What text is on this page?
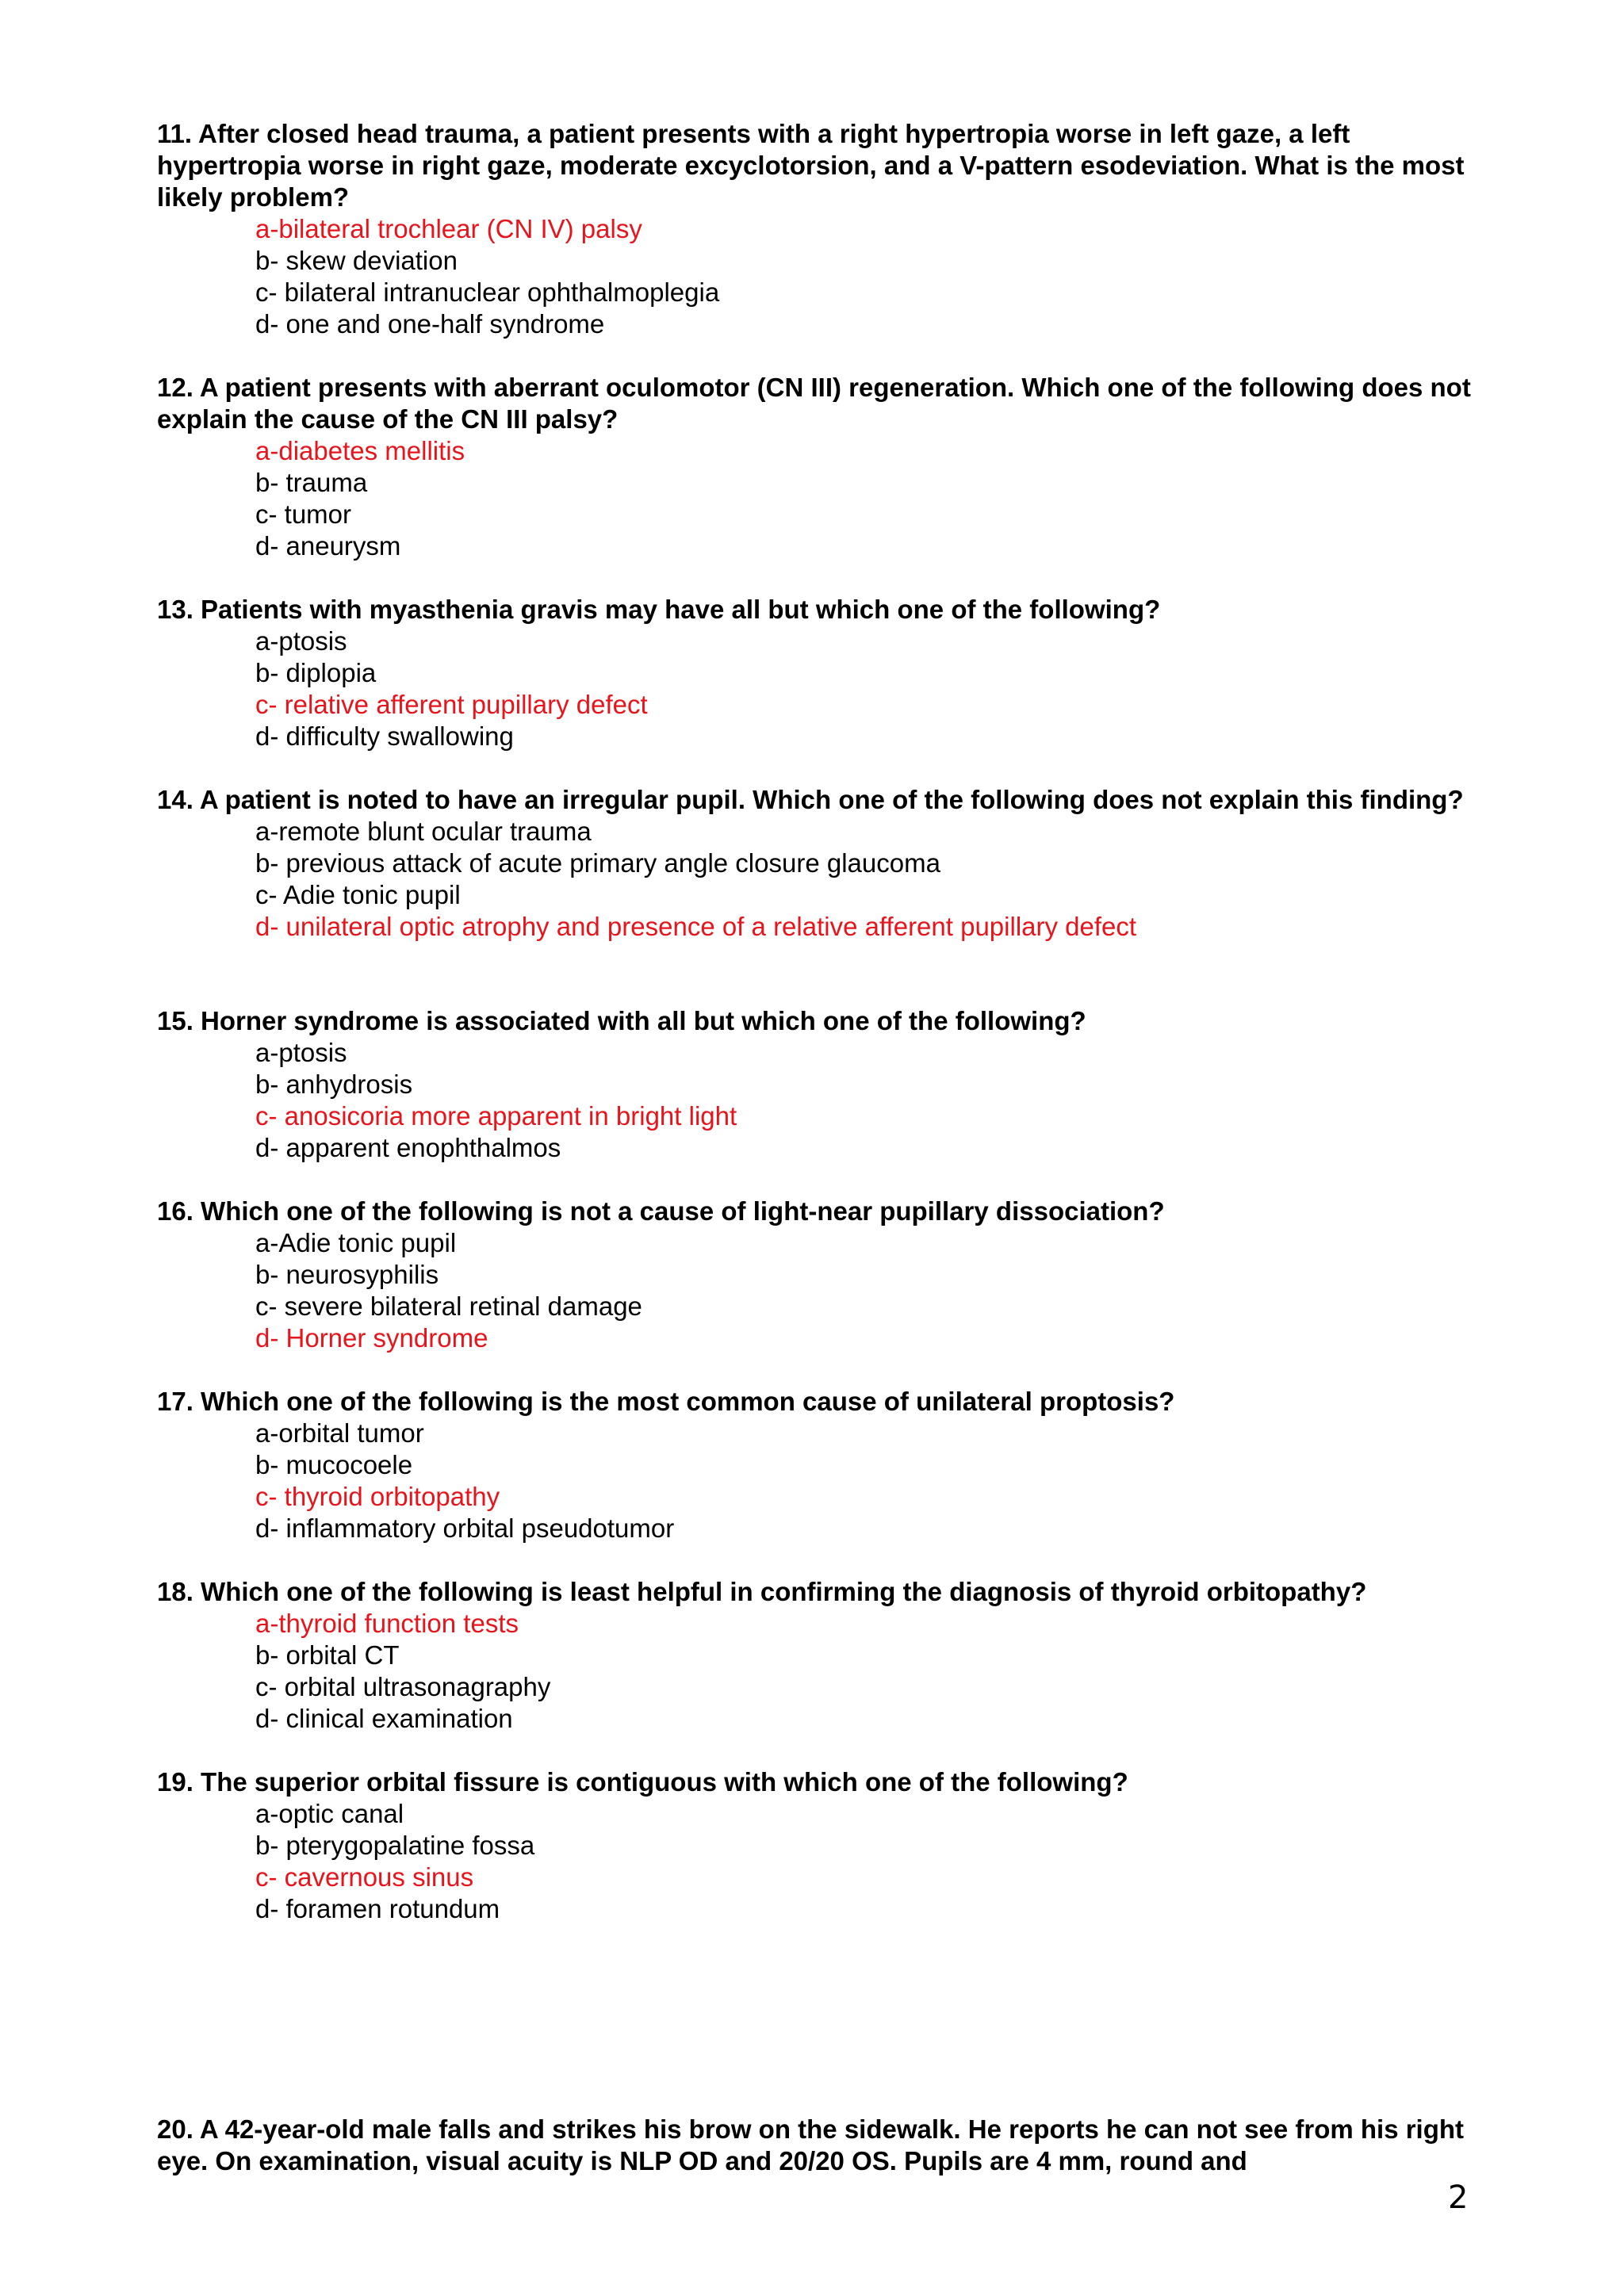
11. After closed head trauma, a patient presents with a right hypertropia worse in left gaze, a left hypertropia worse in right gaze, moderate excyclotorsion, and a V-pattern esodeviation. What is the most likely problem?

a-bilateral trochlear (CN IV) palsy

b- skew deviation

c- bilateral intranuclear ophthalmoplegia

d- one and one-half syndrome

12. A patient presents with aberrant oculomotor (CN III) regeneration. Which one of the following does not explain the cause of the CN III palsy?

a-diabetes mellitis

b- trauma

c- tumor

d- aneurysm

13. Patients with myasthenia gravis may have all but which one of the following?

a-ptosis

b- diplopia

c- relative afferent pupillary defect

d- difficulty swallowing

14. A patient is noted to have an irregular pupil. Which one of the following does not explain this finding?

a-remote blunt ocular trauma

b- previous attack of acute primary angle closure glaucoma

c- Adie tonic pupil

d- unilateral optic atrophy and presence of a relative afferent pupillary defect

15. Horner syndrome is associated with all but which one of the following?

a-ptosis

b- anhydrosis

c- anosicoria more apparent in bright light

d- apparent enophthalmos

16. Which one of the following is not a cause of light-near pupillary dissociation?

a-Adie tonic pupil

b- neurosyphilis

c- severe bilateral retinal damage

d- Horner syndrome

17. Which one of the following is the most common cause of unilateral proptosis?

a-orbital tumor

b- mucocoele

c- thyroid orbitopathy

d- inflammatory orbital pseudotumor

18. Which one of the following is least helpful in confirming the diagnosis of thyroid orbitopathy?

a-thyroid function tests

b- orbital CT

c- orbital ultrasonagraphy

d- clinical examination

19. The superior orbital fissure is contiguous with which one of the following?

a-optic canal

b- pterygopalatine fossa

c- cavernous sinus

d- foramen rotundum

20. A 42-year-old male falls and strikes his brow on the sidewalk. He reports he can not see from his right eye. On examination, visual acuity is NLP OD and 20/20 OS. Pupils are 4 mm, round and

2
